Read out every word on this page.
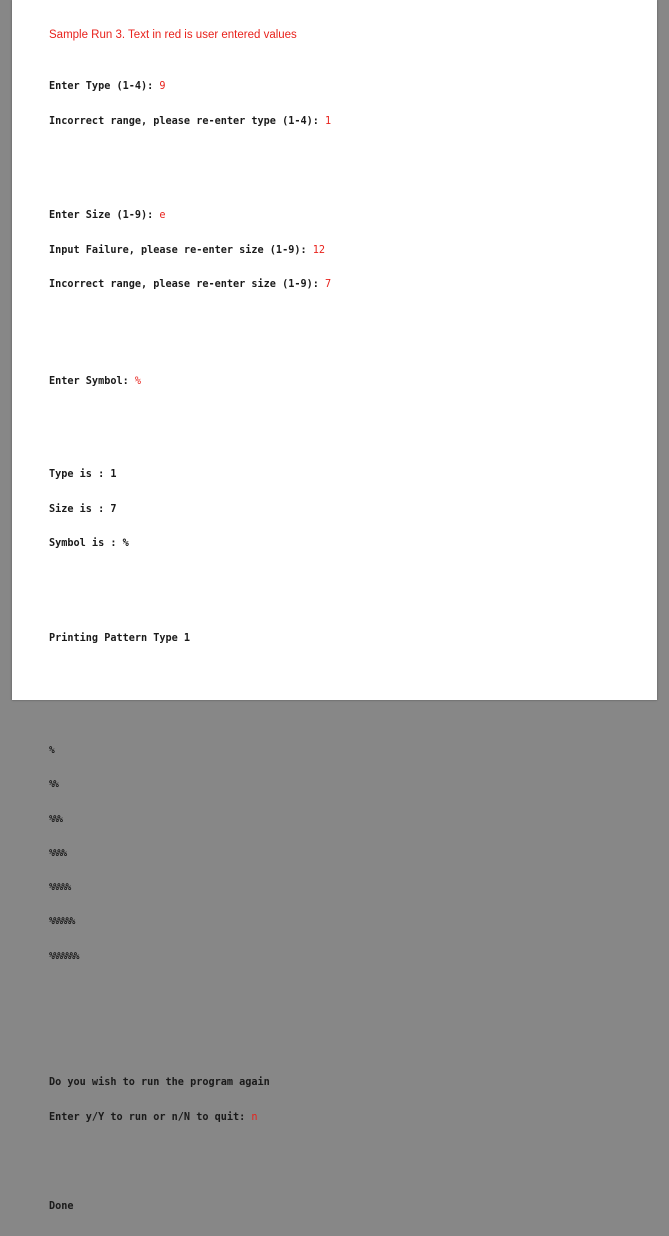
Sample Run 3. Text in red is user entered values

Enter Type (1-4): 9

Incorrect range, please re-enter type (1-4): 1

Enter Size (1-9): e

Input Failure, please re-enter size (1-9): 12

Incorrect range, please re-enter size (1-9): 7

Enter Symbol: %

Type is : 1

Size is : 7

Symbol is : %

Printing Pattern Type 1

%

%%

%%%

%%%%

%%%%%

%%%%%%

%%%%%%%

Do you wish to run the program again

Enter y/Y to run or n/N to quit: n

Done
